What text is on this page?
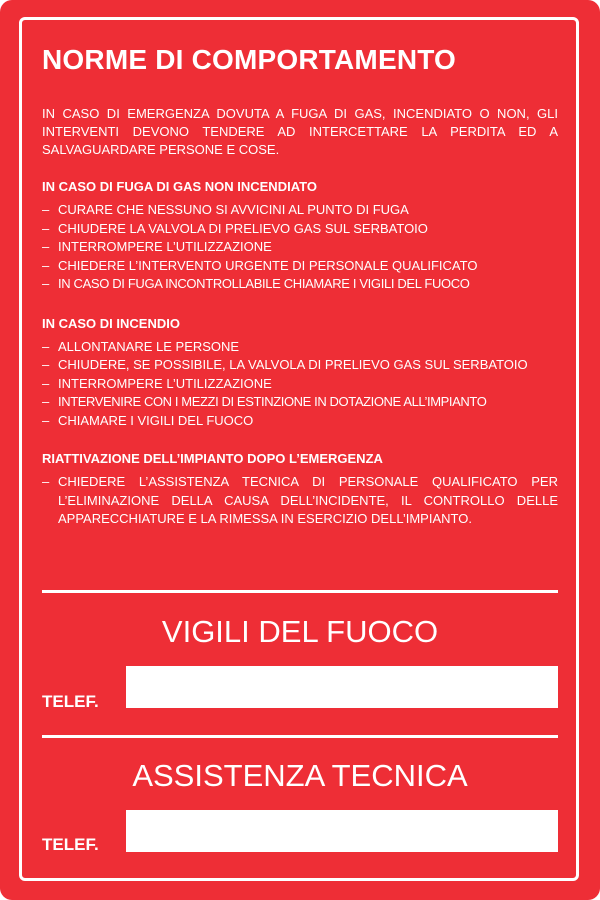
NORME DI COMPORTAMENTO
IN CASO DI EMERGENZA DOVUTA A FUGA DI GAS, INCENDIATO O NON, GLI INTERVENTI DEVONO TENDERE AD INTERCETTARE LA PERDITA ED A SALVAGUARDARE PERSONE E COSE.
IN CASO DI FUGA DI GAS NON INCENDIATO
– CURARE CHE NESSUNO SI AVVICINI AL PUNTO DI FUGA
– CHIUDERE LA VALVOLA DI PRELIEVO GAS SUL SERBATOIO
– INTERROMPERE L’UTILIZZAZIONE
– CHIEDERE L’INTERVENTO URGENTE DI PERSONALE QUALIFICATO
– IN CASO DI FUGA INCONTROLLABILE CHIAMARE I VIGILI DEL FUOCO
IN CASO DI INCENDIO
– ALLONTANARE LE PERSONE
– CHIUDERE, SE POSSIBILE, LA VALVOLA DI PRELIEVO GAS SUL SERBATOIO
– INTERROMPERE L’UTILIZZAZIONE
– INTERVENIRE CON I MEZZI DI ESTINZIONE IN DOTAZIONE ALL’IMPIANTO
– CHIAMARE I VIGILI DEL FUOCO
RIATTIVAZIONE DELL’IMPIANTO DOPO L’EMERGENZA
– CHIEDERE L’ASSISTENZA TECNICA DI PERSONALE QUALIFICATO PER L’ELIMINAZIONE DELLA CAUSA DELL’INCIDENTE, IL CONTROLLO DELLE APPARECCHIATURE E LA RIMESSA IN ESERCIZIO DELL’IMPIANTO.
VIGILI DEL FUOCO
TELEF.
ASSISTENZA TECNICA
TELEF.
